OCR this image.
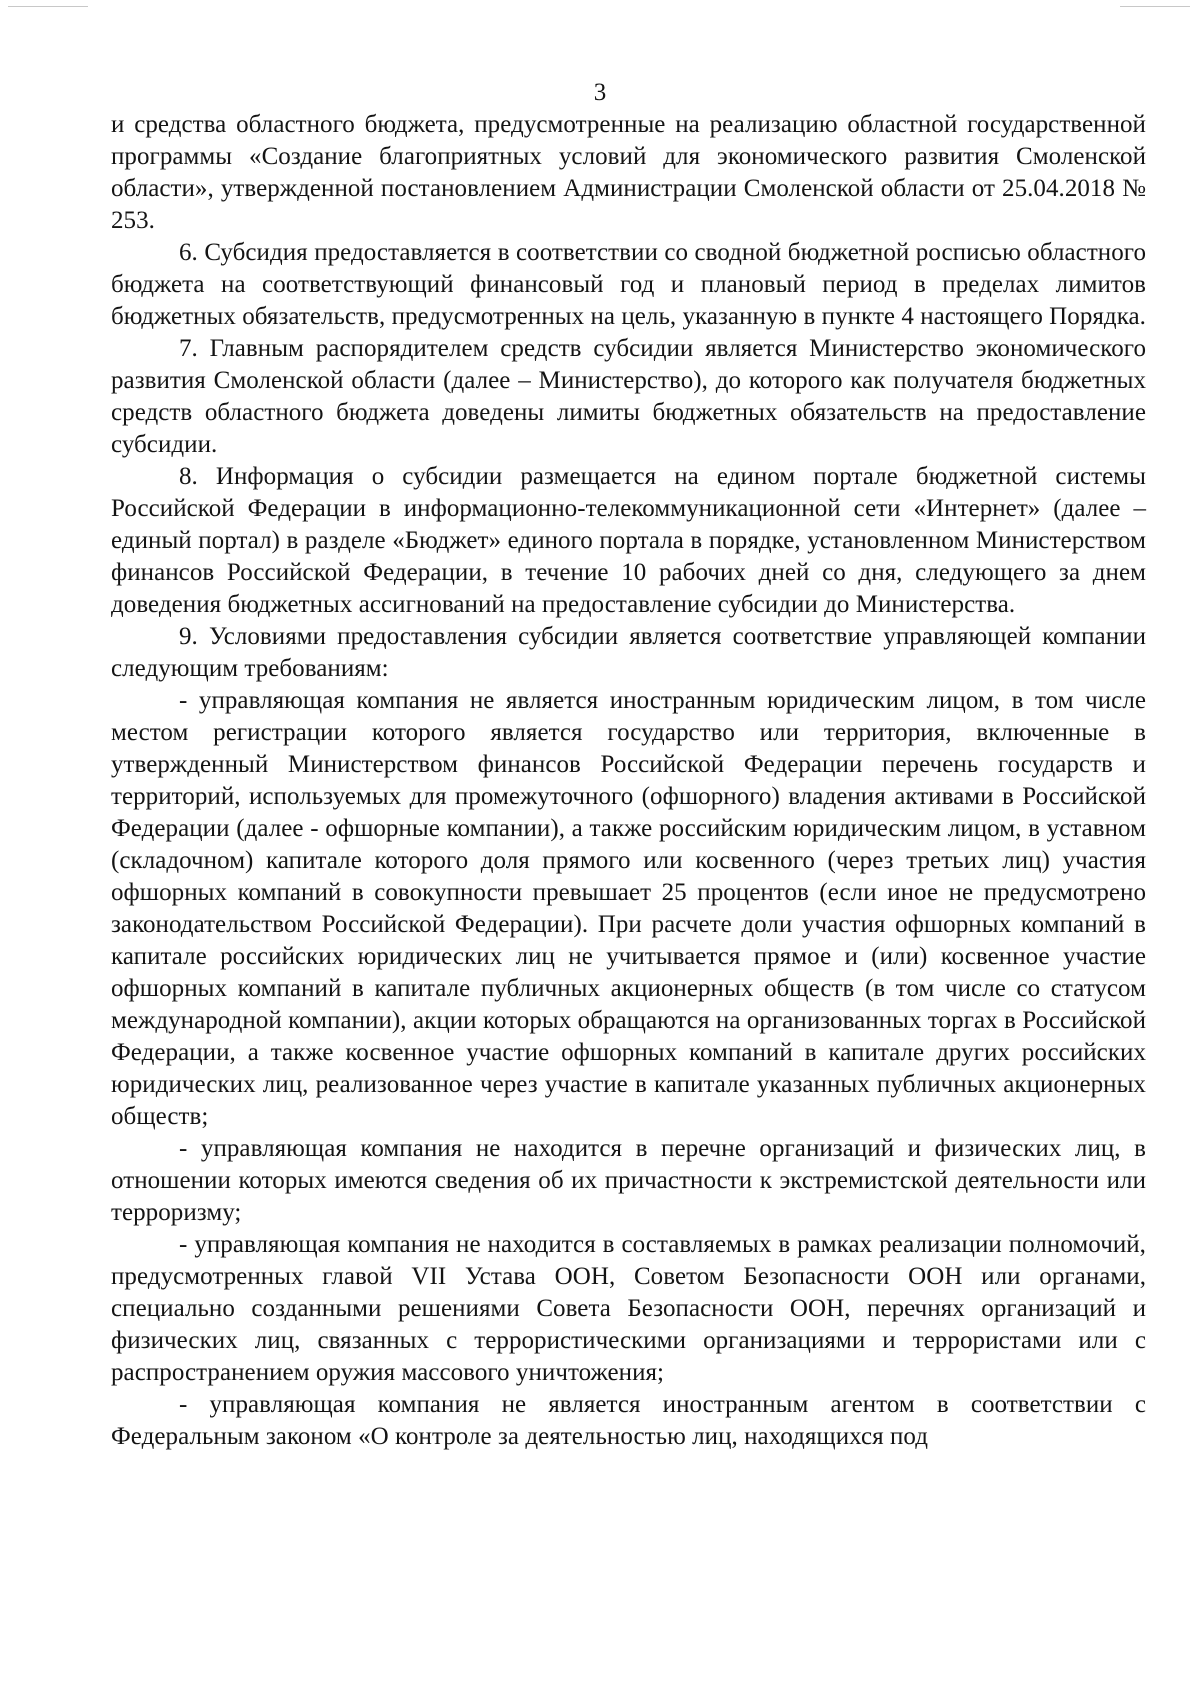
3

и средства областного бюджета, предусмотренные на реализацию областной государственной программы «Создание благоприятных условий для экономического развития Смоленской области», утвержденной постановлением Администрации Смоленской области от 25.04.2018 № 253.

6. Субсидия предоставляется в соответствии со сводной бюджетной росписью областного бюджета на соответствующий финансовый год и плановый период в пределах лимитов бюджетных обязательств, предусмотренных на цель, указанную в пункте 4 настоящего Порядка.

7. Главным распорядителем средств субсидии является Министерство экономического развития Смоленской области (далее – Министерство), до которого как получателя бюджетных средств областного бюджета доведены лимиты бюджетных обязательств на предоставление субсидии.

8. Информация о субсидии размещается на едином портале бюджетной системы Российской Федерации в информационно-телекоммуникационной сети «Интернет» (далее – единый портал) в разделе «Бюджет» единого портала в порядке, установленном Министерством финансов Российской Федерации, в течение 10 рабочих дней со дня, следующего за днем доведения бюджетных ассигнований на предоставление субсидии до Министерства.

9. Условиями предоставления субсидии является соответствие управляющей компании следующим требованиям:

- управляющая компания не является иностранным юридическим лицом, в том числе местом регистрации которого является государство или территория, включенные в утвержденный Министерством финансов Российской Федерации перечень государств и территорий, используемых для промежуточного (офшорного) владения активами в Российской Федерации (далее - офшорные компании), а также российским юридическим лицом, в уставном (складочном) капитале которого доля прямого или косвенного (через третьих лиц) участия офшорных компаний в совокупности превышает 25 процентов (если иное не предусмотрено законодательством Российской Федерации). При расчете доли участия офшорных компаний в капитале российских юридических лиц не учитывается прямое и (или) косвенное участие офшорных компаний в капитале публичных акционерных обществ (в том числе со статусом международной компании), акции которых обращаются на организованных торгах в Российской Федерации, а также косвенное участие офшорных компаний в капитале других российских юридических лиц, реализованное через участие в капитале указанных публичных акционерных обществ;

- управляющая компания не находится в перечне организаций и физических лиц, в отношении которых имеются сведения об их причастности к экстремистской деятельности или терроризму;

- управляющая компания не находится в составляемых в рамках реализации полномочий, предусмотренных главой VII Устава ООН, Советом Безопасности ООН или органами, специально созданными решениями Совета Безопасности ООН, перечнях организаций и физических лиц, связанных с террористическими организациями и террористами или с распространением оружия массового уничтожения;

- управляющая компания не является иностранным агентом в соответствии с Федеральным законом «О контроле за деятельностью лиц, находящихся под
